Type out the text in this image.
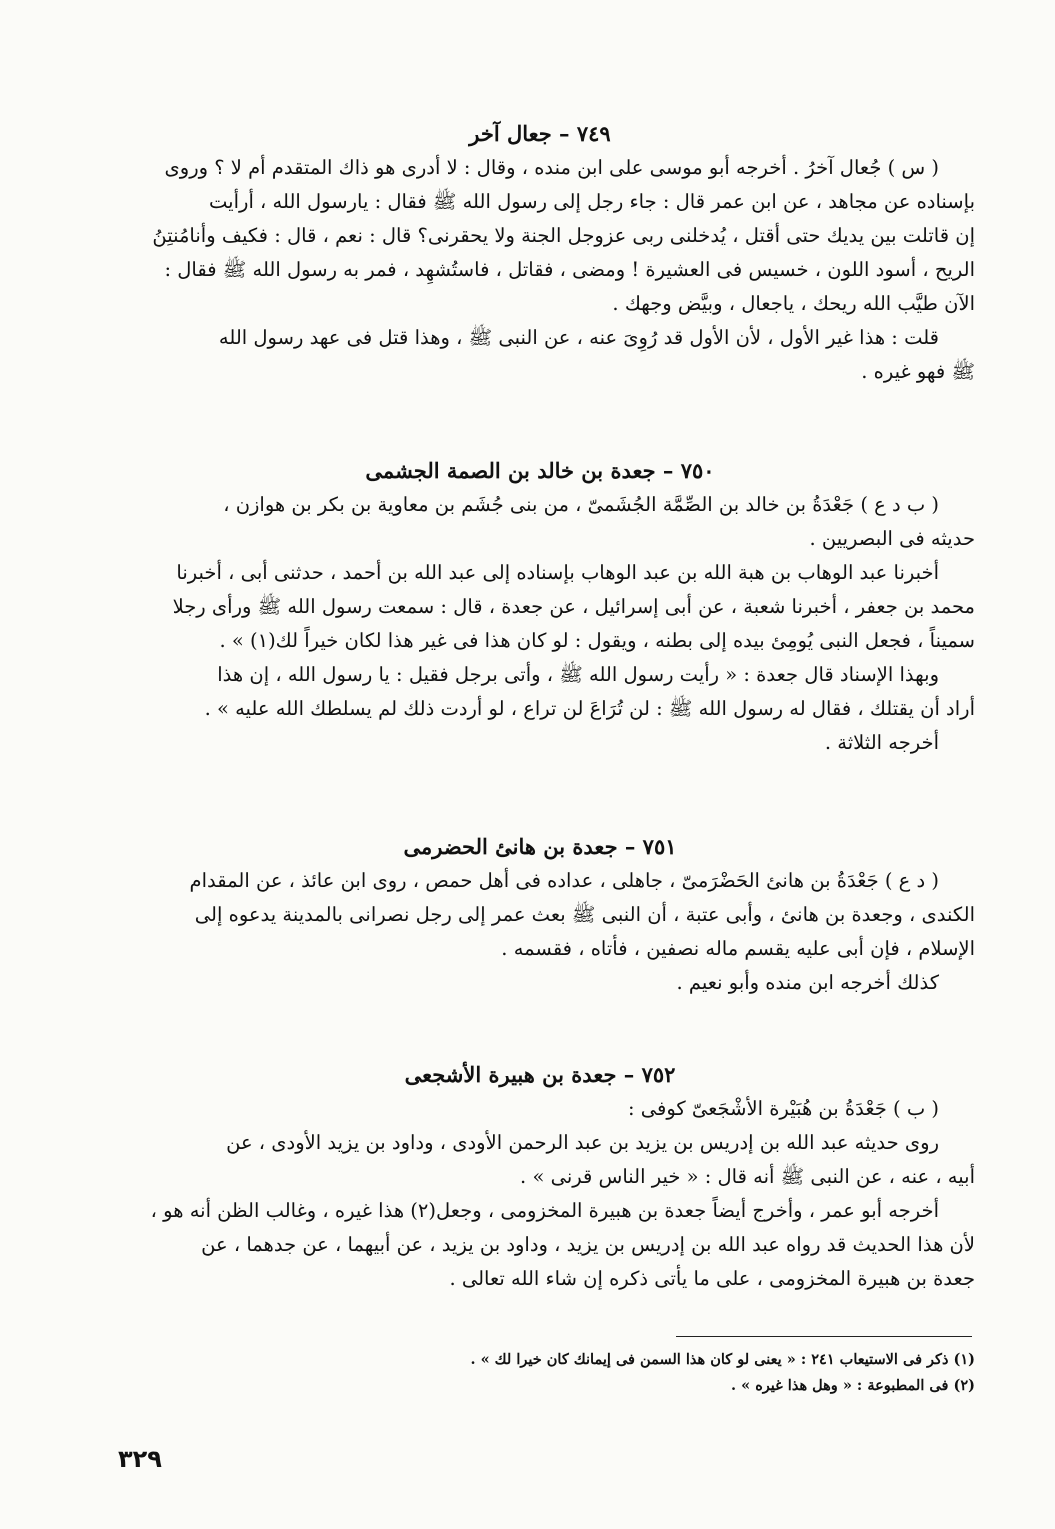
٧٤٩ – جعال آخر
( س ) جُعال آخرُ . أخرجه أبو موسى على ابن منده ، وقال : لا أدرى هو ذاك المتقدم أم لا ؟ وروى
بإسناده عن مجاهد ، عن ابن عمر قال : جاء رجل إلى رسول الله ﷺ فقال : يارسول الله ، أرأيت
إن قاتلت بين يديك حتى أقتل ، يُدخلنى ربى عزوجل الجنة ولا يحقرنى؟ قال : نعم ، قال : فكيف وأنامُنتِنُ
الريح ، أسود اللون ، خسيس فى العشيرة ! ومضى ، فقاتل ، فاستُشهِد ، فمر به رسول الله ﷺ فقال :
الآن طيَّب الله ريحك ، ياجعال ، وبيَّض وجهك .
قلت : هذا غير الأول ، لأن الأول قد رُوِىَ عنه ، عن النبى ﷺ ، وهذا قتل فى عهد رسول الله
ﷺ فهو غيره .
٧٥٠ – جعدة بن خالد بن الصمة الجشمى
( ب د ع ) جَعْدَةُ بن خالد بن الصِّمَّة الجُشَمىّ ، من بنى جُشَم بن معاوية بن بكر بن هوازن ،
حديثه فى البصريين .
أخبرنا عبد الوهاب بن هبة الله بن عبد الوهاب بإسناده إلى عبد الله بن أحمد ، حدثنى أبى ، أخبرنا
محمد بن جعفر ، أخبرنا شعبة ، عن أبى إسرائيل ، عن جعدة ، قال : سمعت رسول الله ﷺ ورأى رجلا
سميناً ، فجعل النبى يُومِئ بيده إلى بطنه ، ويقول : لو كان هذا فى غير هذا لكان خيراً لك(١) » .
وبهذا الإسناد قال جعدة : « رأيت رسول الله ﷺ ، وأتى برجل فقيل : يا رسول الله ، إن هذا
أراد أن يقتلك ، فقال له رسول الله ﷺ : لن تُرَاعَ لن تراع ، لو أردت ذلك لم يسلطك الله عليه » .
أخرجه الثلاثة .
٧٥١ – جعدة بن هانئ الحضرمى
( د ع ) جَعْدَةُ بن هانئ الحَضْرَمىّ ، جاهلى ، عداده فى أهل حمص ، روى ابن عائذ ، عن المقدام
الكندى ، وجعدة بن هانئ ، وأبى عتبة ، أن النبى ﷺ بعث عمر إلى رجل نصرانى بالمدينة يدعوه إلى
الإسلام ، فإن أبى عليه يقسم ماله نصفين ، فأتاه ، فقسمه .
كذلك أخرجه ابن منده وأبو نعيم .
٧٥٢ – جعدة بن هبيرة الأشجعى
( ب ) جَعْدَةُ بن هُبَيْرة الأشْجَعىّ كوفى :
روى حديثه عبد الله بن إدريس بن يزيد بن عبد الرحمن الأودى ، وداود بن يزيد الأودى ، عن
أبيه ، عنه ، عن النبى ﷺ أنه قال : « خير الناس قرنى » .
أخرجه أبو عمر ، وأخرج أيضاً جعدة بن هبيرة المخزومى ، وجعل(٢) هذا غيره ، وغالب الظن أنه هو ،
لأن هذا الحديث قد رواه عبد الله بن إدريس بن يزيد ، وداود بن يزيد ، عن أبيهما ، عن جدهما ، عن
جعدة بن هبيرة المخزومى ، على ما يأتى ذكره إن شاء الله تعالى .
(١) ذكر فى الاستيعاب ٢٤١ : « يعنى لو كان هذا السمن فى إيمانك كان خيرا لك » .
(٢) فى المطبوعة : « وهل هذا غيره » .
٣٢٩
